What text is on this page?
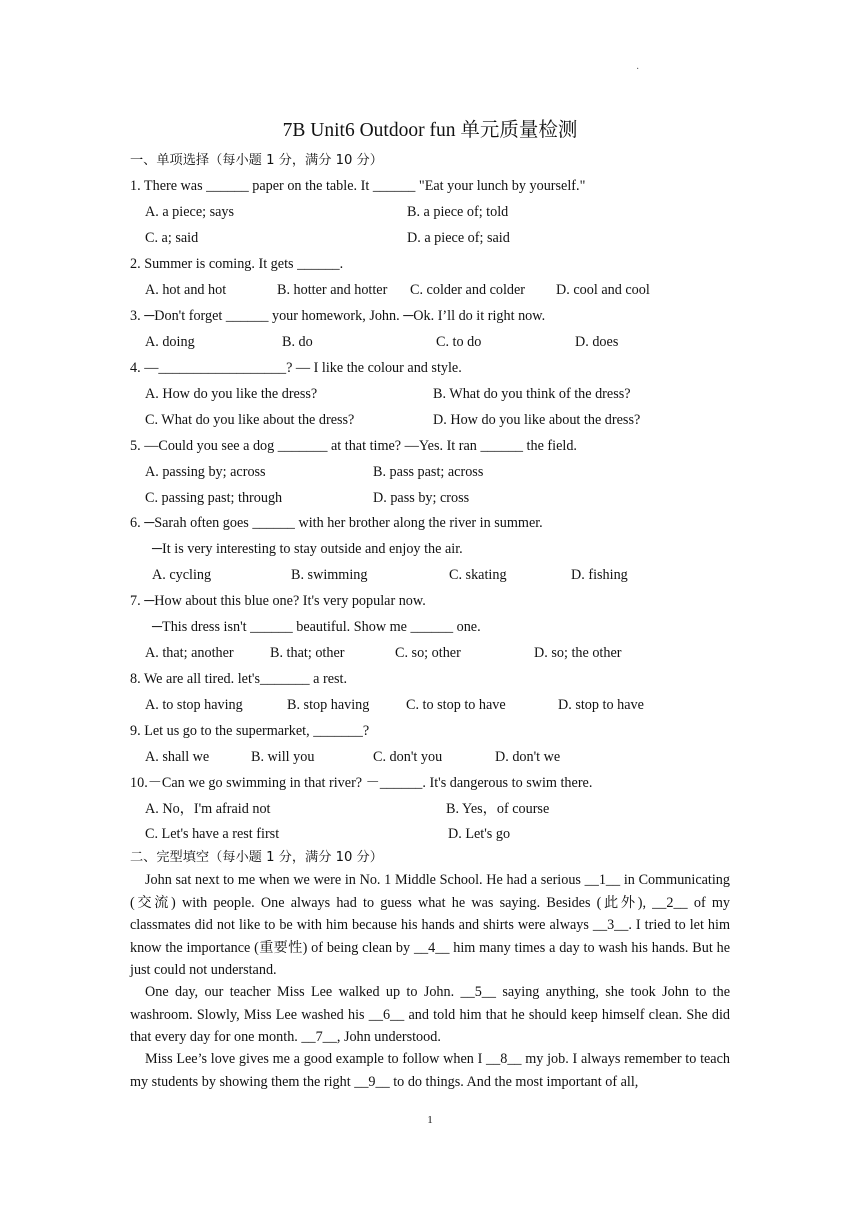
·
7B Unit6 Outdoor fun 单元质量检测
一、单项选择（每小题 1 分，满分 10 分）
1. There was ______ paper on the table. It ______ "Eat your lunch by yourself."
A. a piece; says	B. a piece of; told
C. a; said	D. a piece of; said
2. Summer is coming. It gets ______.
A. hot and hot	B. hotter and hotter C. colder and colder D. cool and cool
3. ─Don't forget ______ your homework, John. ─Ok. I’ll do it right now.
A. doing	B. do	C. to do	D. does
4. —__________________? — I like the colour and style.
A. How do you like the dress?	B. What do you think of the dress?
C. What do you like about the dress?	D. How do you like about the dress?
5. —Could you see a dog _______ at that time? —Yes. It ran ______ the field.
A. passing by; across	B. pass past; across
C. passing past; through	D. pass by; cross
6. ─Sarah often goes ______ with her brother along the river in summer.
─It is very interesting to stay outside and enjoy the air.
A. cycling	B. swimming	C. skating	D. fishing
7. ─How about this blue one? It's very popular now.
─This dress isn't ______ beautiful. Show me ______ one.
A. that; another	B. that; other	C. so; other	D. so; the other
8. We are all tired. let's_______ a rest.
A. to stop having	B. stop having	C. to stop to have	D. stop to have
9. Let us go to the supermarket, _______?
A. shall we	B. will you	C. don't you	D. don't we
10.－Can we go swimming in that river? －______. It's dangerous to swim there.
A. No，I'm afraid not	B. Yes，of course
C. Let's have a rest first	D. Let's go
二、完型填空（每小题 1 分，满分 10 分）
John sat next to me when we were in No. 1 Middle School. He had a serious __1__ in Communicating (交流) with people. One always had to guess what he was saying. Besides (此外), __2__ of my classmates did not like to be with him because his hands and shirts were always __3__. I tried to let him know the importance (重要性) of being clean by __4__ him many times a day to wash his hands. But he just could not understand.
One day, our teacher Miss Lee walked up to John. __5__ saying anything, she took John to the washroom. Slowly, Miss Lee washed his __6__ and told him that he should keep himself clean. She did that every day for one month. __7__, John understood.
Miss Lee’s love gives me a good example to follow when I __8__ my job. I always remember to teach my students by showing them the right __9__ to do things. And the most important of all,
1
